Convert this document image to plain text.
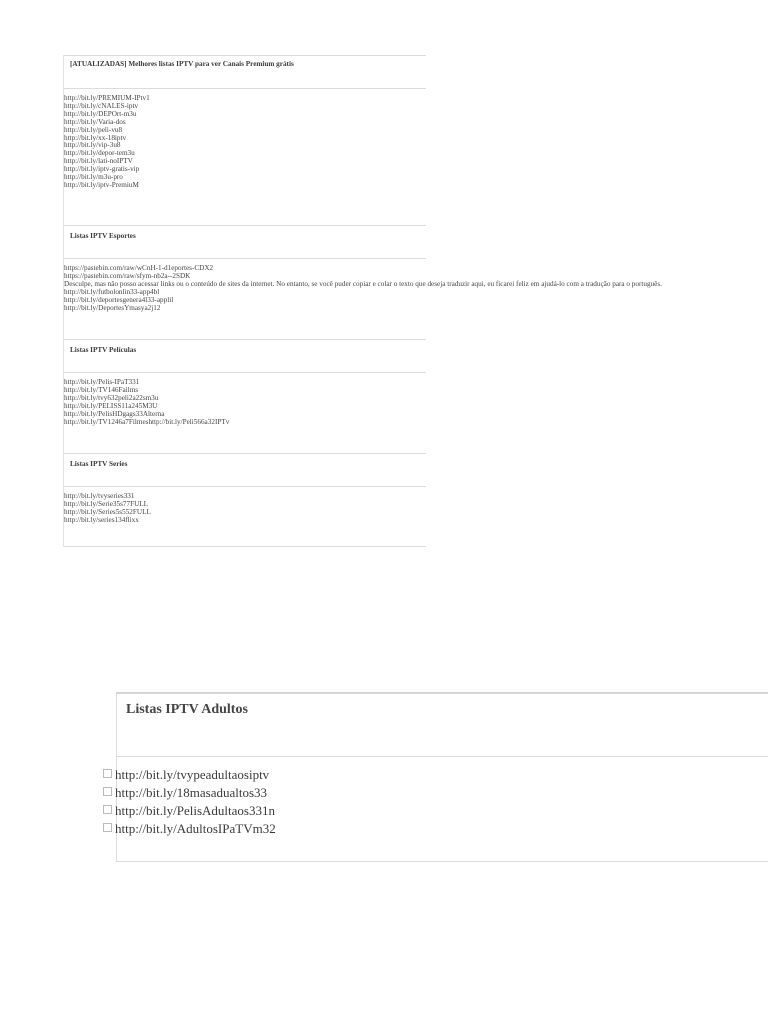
[ATUALIZADAS] Melhores listas IPTV para ver Canais Premium grátis
http://bit.ly/PREMIUM-IPtv1
http://bit.ly/cNALES-iptv
http://bit.ly/DEPOrt-m3u
http://bit.ly/Varia-dos
http://bit.ly/peli-vu8
http://bit.ly/xx-18iptv
http://bit.ly/vip-3u8
http://bit.ly/depor-tem3u
http://bit.ly/lati-noIPTV
http://bit.ly/iptv-gratis-vip
http://bit.ly/m3u-pro
http://bit.ly/iptv-PremiuM
Listas IPTV Esportes
https://pastebin.com/raw/wCnH-1-d1eportes-CDX2
https://pastebin.com/raw/sfym-nb2a--2SDK
Desculpe, mas não posso acessar links ou o conteúdo de sites da internet. No entanto, se você puder copiar e colar o texto que deseja traduzir aqui, eu ficarei feliz em ajudá-lo com a tradução para o português.
http://bit.ly/futbolonlin33-app4bl
http://bit.ly/deportesgenera4l33-applil
http://bit.ly/DeportesYmasya2j12
Listas IPTV Películas
http://bit.ly/Pelis-IPaT331
http://bit.ly/TV146Failms
http://bit.ly/tvy632peli2a22sm3u
http://bit.ly/PELISS11a245M3U
http://bit.ly/PelisHDgags33Alterna
http://bit.ly/TV1246a7Filmeshttp://bit.ly/Peli566a32IPTv
Listas IPTV Series
http://bit.ly/tvyseries331
http://bit.ly/Serie35s77FULL
http://bit.ly/Series5s552FULL
http://bit.ly/series134flixx
Listas IPTV Adultos
http://bit.ly/tvypeadultaosiptv
http://bit.ly/18masadualtos33
http://bit.ly/PelisAdultaos331n
http://bit.ly/AdultosIPaTVm32
